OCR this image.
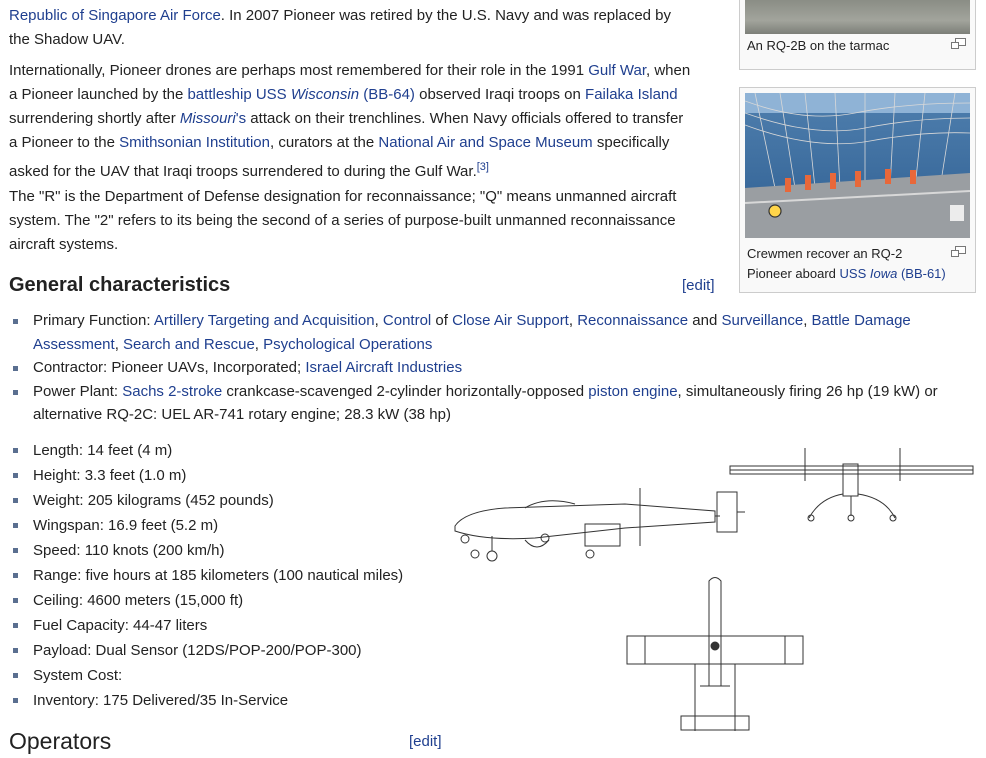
Republic of Singapore Air Force. In 2007 Pioneer was retired by the U.S. Navy and was replaced by
the Shadow UAV.

Internationally, Pioneer drones are perhaps most remembered for their role in the 1991 Gulf War, when
a Pioneer launched by the battleship USS Wisconsin (BB-64) observed Iraqi troops on Failaka Island
surrendering shortly after Missouri's attack on their trenchlines. When Navy officials offered to transfer
a Pioneer to the Smithsonian Institution, curators at the National Air and Space Museum specifically
asked for the UAV that Iraqi troops surrendered to during the Gulf War.[3]

The "R" is the Department of Defense designation for reconnaissance; "Q" means unmanned aircraft
system. The "2" refers to its being the second of a series of purpose-built unmanned reconnaissance
aircraft systems.

An RQ-2B on the tarmac
Crewmen recover an RQ-2
Pioneer aboard USS Iowa (BB-61)
General characteristics	[edit]
Primary Function: Artillery Targeting and Acquisition, Control of Close Air Support, Reconnaissance and Surveillance, Battle Damage
Assessment, Search and Rescue, Psychological Operations
Contractor: Pioneer UAVs, Incorporated; Israel Aircraft Industries
Power Plant: Sachs 2-stroke crankcase-scavenged 2-cylinder horizontally-opposed piston engine, simultaneously firing 26 hp (19 kW) or
alternative RQ-2C: UEL AR-741 rotary engine; 28.3 kW (38 hp)
Length: 14 feet (4 m)
Height: 3.3 feet (1.0 m)
Weight: 205 kilograms (452 pounds)
Wingspan: 16.9 feet (5.2 m)
Speed: 110 knots (200 km/h)
Range: five hours at 185 kilometers (100 nautical miles)
Ceiling: 4600 meters (15,000 ft)
Fuel Capacity: 44-47 liters
Payload: Dual Sensor (12DS/POP-200/POP-300)
System Cost:
Inventory: 175 Delivered/35 In-Service
Operators	[edit]
